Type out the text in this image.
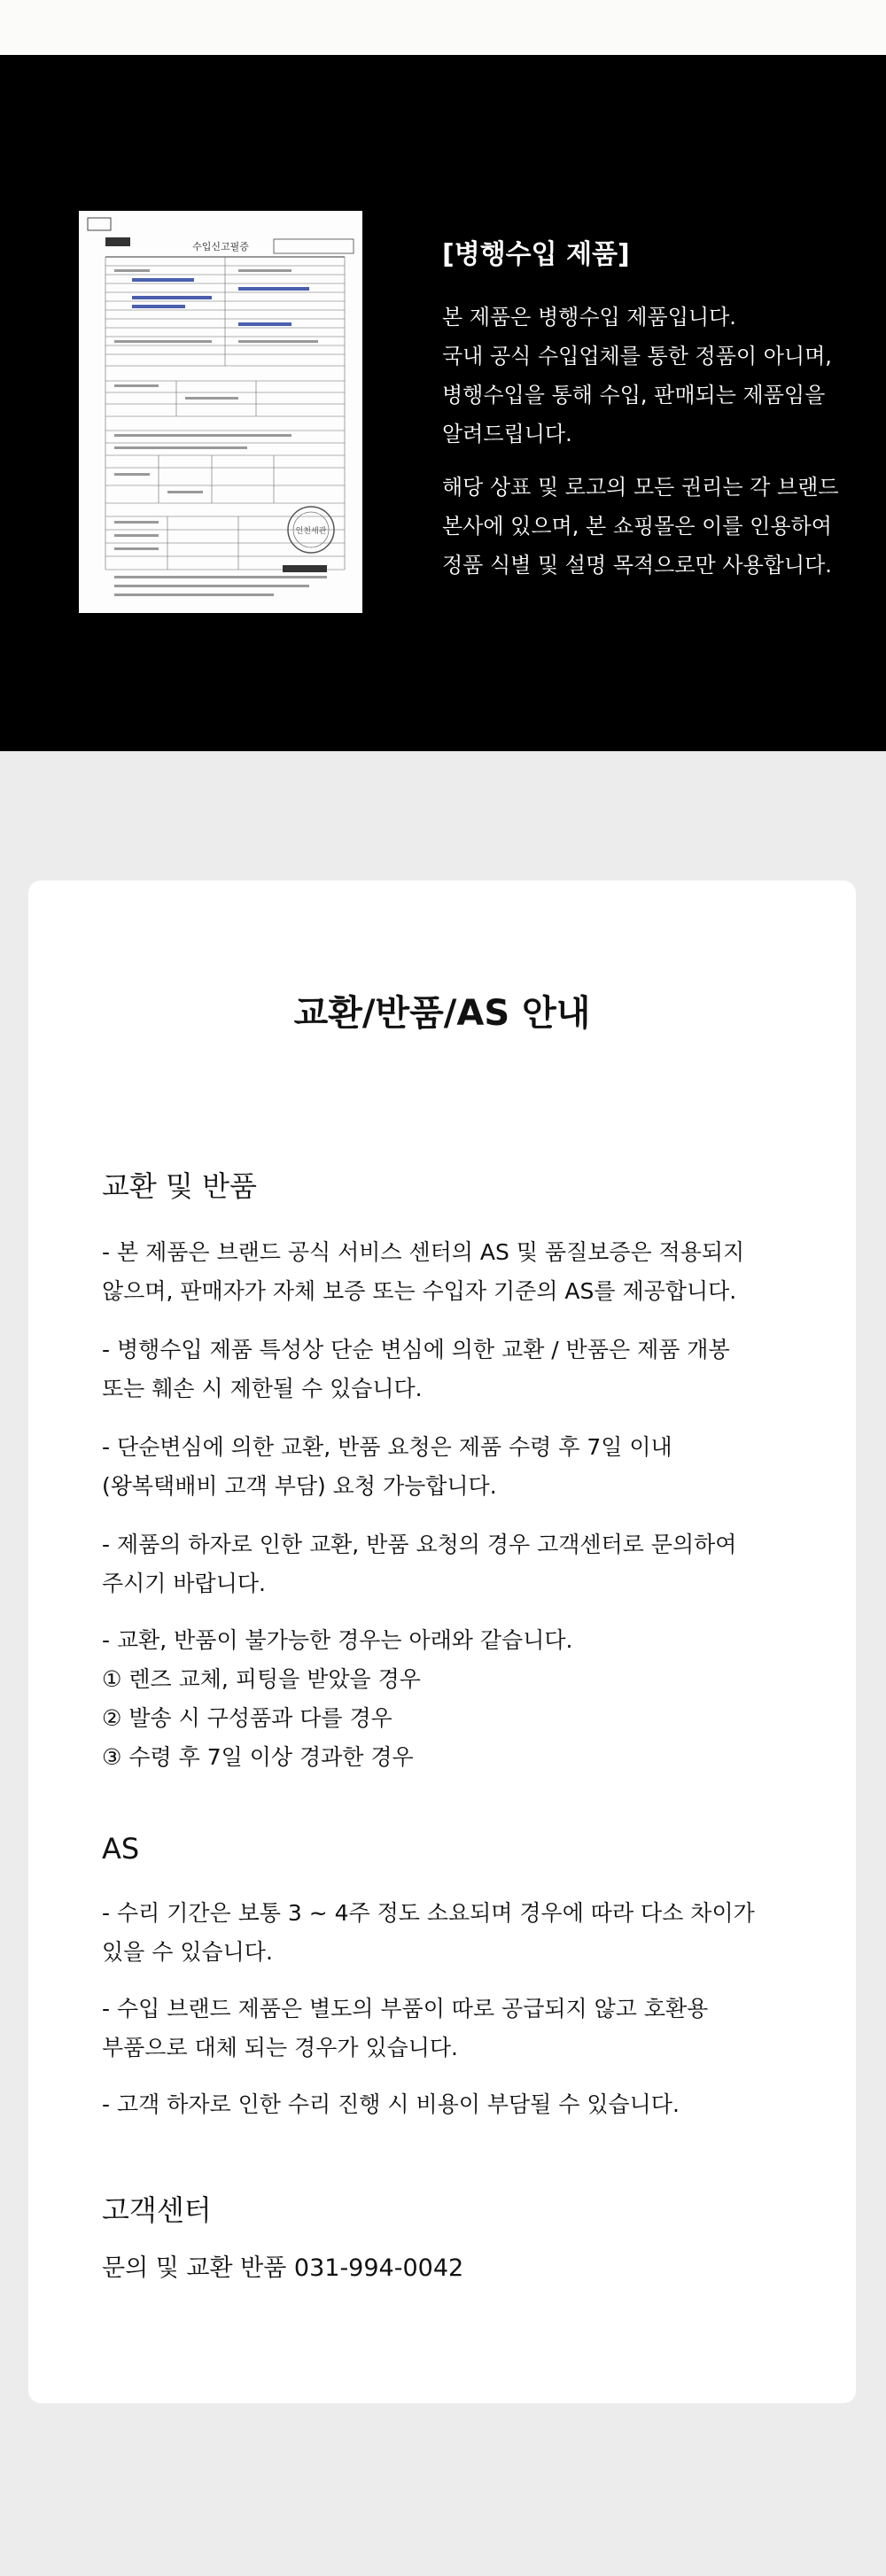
수입신고필증
인천세관
[병행수입 제품]
본 제품은 병행수입 제품입니다.
국내 공식 수입업체를 통한 정품이 아니며,
병행수입을 통해 수입, 판매되는 제품임을
알려드립니다.
해당 상표 및 로고의 모든 권리는 각 브랜드
본사에 있으며, 본 쇼핑몰은 이를 인용하여
정품 식별 및 설명 목적으로만 사용합니다.
교환/반품/AS 안내
교환 및 반품
- 본 제품은 브랜드 공식 서비스 센터의 AS 및 품질보증은 적용되지
않으며, 판매자가 자체 보증 또는 수입자 기준의 AS를 제공합니다.
- 병행수입 제품 특성상 단순 변심에 의한 교환 / 반품은 제품 개봉
또는 훼손 시 제한될 수 있습니다.
- 단순변심에 의한 교환, 반품 요청은 제품 수령 후 7일 이내
(왕복택배비 고객 부담) 요청 가능합니다.
- 제품의 하자로 인한 교환, 반품 요청의 경우 고객센터로 문의하여
주시기 바랍니다.
- 교환, 반품이 불가능한 경우는 아래와 같습니다.
① 렌즈 교체, 피팅을 받았을 경우
② 발송 시 구성품과 다를 경우
③ 수령 후 7일 이상 경과한 경우
AS
- 수리 기간은 보통 3 ~ 4주 정도 소요되며 경우에 따라 다소 차이가
있을 수 있습니다.
- 수입 브랜드 제품은 별도의 부품이 따로 공급되지 않고 호환용
부품으로 대체 되는 경우가 있습니다.
- 고객 하자로 인한 수리 진행 시 비용이 부담될 수 있습니다.
고객센터
문의 및 교환 반품 031-994-0042
